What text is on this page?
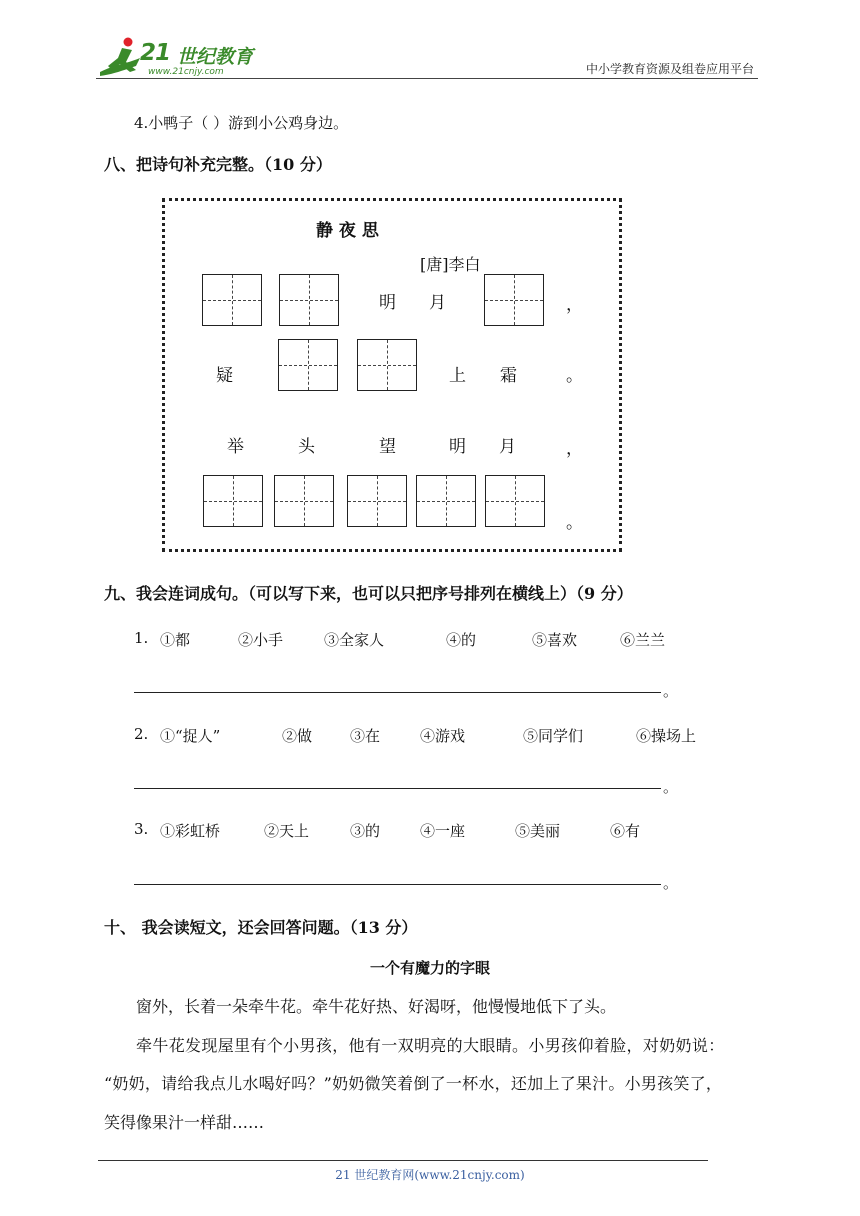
21 世纪教育
www.21cnjy.com	中小学教育资源及组卷应用平台
4.小鸭子（ ）游到小公鸡身边。
八、把诗句补充完整。（10 分）
静 夜 思
[唐]李白
明 月	，
疑	上 霜	。
举	头	望	明 月	，
。
九、我会连词成句。（可以写下来，也可以只把序号排列在横线上）（9 分）
1. ①都	②小手	③全家人	④的	⑤喜欢	⑥兰兰
。
2. ①“捉人”	②做	③在	④游戏	⑤同学们	⑥操场上
。
3. ①彩虹桥	②天上	③的	④一座	⑤美丽	⑥有
。
十、 我会读短文，还会回答问题。（13 分）
一个有魔力的字眼
窗外，长着一朵牵牛花。牵牛花好热、好渴呀，他慢慢地低下了头。
牵牛花发现屋里有个小男孩，他有一双明亮的大眼睛。小男孩仰着脸，对奶奶说：
“奶奶，请给我点儿水喝好吗？”奶奶微笑着倒了一杯水，还加上了果汁。小男孩笑了，
笑得像果汁一样甜……
21 世纪教育网(www.21cnjy.com)
